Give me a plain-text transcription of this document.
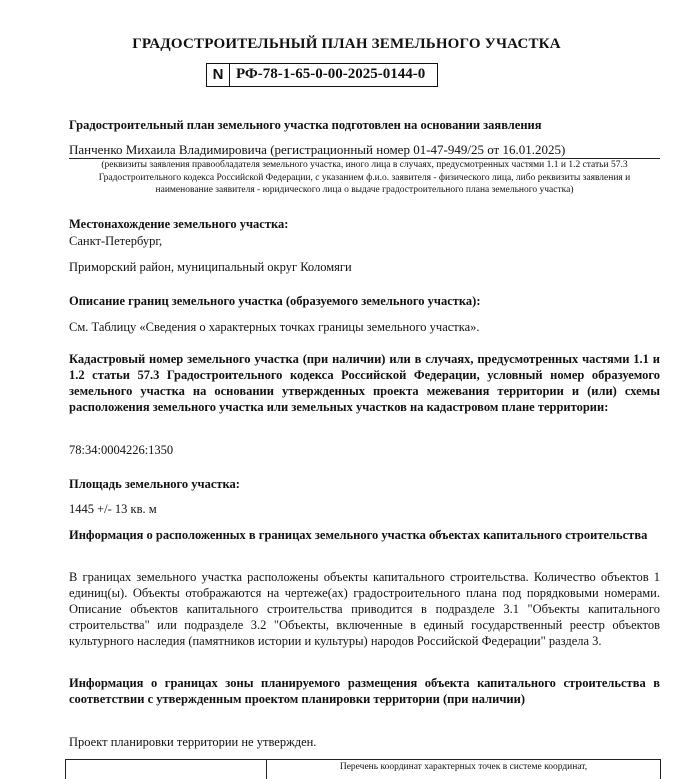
ГРАДОСТРОИТЕЛЬНЫЙ ПЛАН ЗЕМЕЛЬНОГО УЧАСТКА
N РФ-78-1-65-0-00-2025-0144-0
Градостроительный план земельного участка подготовлен на основании заявления
Панченко Михаила Владимировича (регистрационный номер 01-47-949/25 от 16.01.2025)
(реквизиты заявления правообладателя земельного участка, иного лица в случаях, предусмотренных частями 1.1 и 1.2 статьи 57.3 Градостроительного кодекса Российской Федерации, с указанием ф.и.о. заявителя - физического лица, либо реквизиты заявления и наименование заявителя - юридического лица о выдаче градостроительного плана земельного участка)
Местонахождение земельного участка:
Санкт-Петербург,
Приморский район, муниципальный округ Коломяги
Описание границ земельного участка (образуемого земельного участка):
См. Таблицу «Сведения о характерных точках границы земельного участка».
Кадастровый номер земельного участка (при наличии) или в случаях, предусмотренных частями 1.1 и 1.2 статьи 57.3 Градостроительного кодекса Российской Федерации, условный номер образуемого земельного участка на основании утвержденных проекта межевания территории и (или) схемы расположения земельного участка или земельных участков на кадастровом плане территории:
78:34:0004226:1350
Площадь земельного участка:
1445 +/- 13 кв. м
Информация о расположенных в границах земельного участка объектах капитального строительства
В границах земельного участка расположены объекты капитального строительства. Количество объектов 1 единиц(ы). Объекты отображаются на чертеже(ах) градостроительного плана под порядковыми номерами. Описание объектов капитального строительства приводится в подразделе 3.1 "Объекты капитального строительства" или подразделе 3.2 "Объекты, включенные в единый государственный реестр объектов культурного наследия (памятников истории и культуры) народов Российской Федерации" раздела 3.
Информация о границах зоны планируемого размещения объекта капитального строительства в соответствии с утвержденным проектом планировки территории (при наличии)
Проект планировки территории не утвержден.
Перечень координат характерных точек в системе координат,
